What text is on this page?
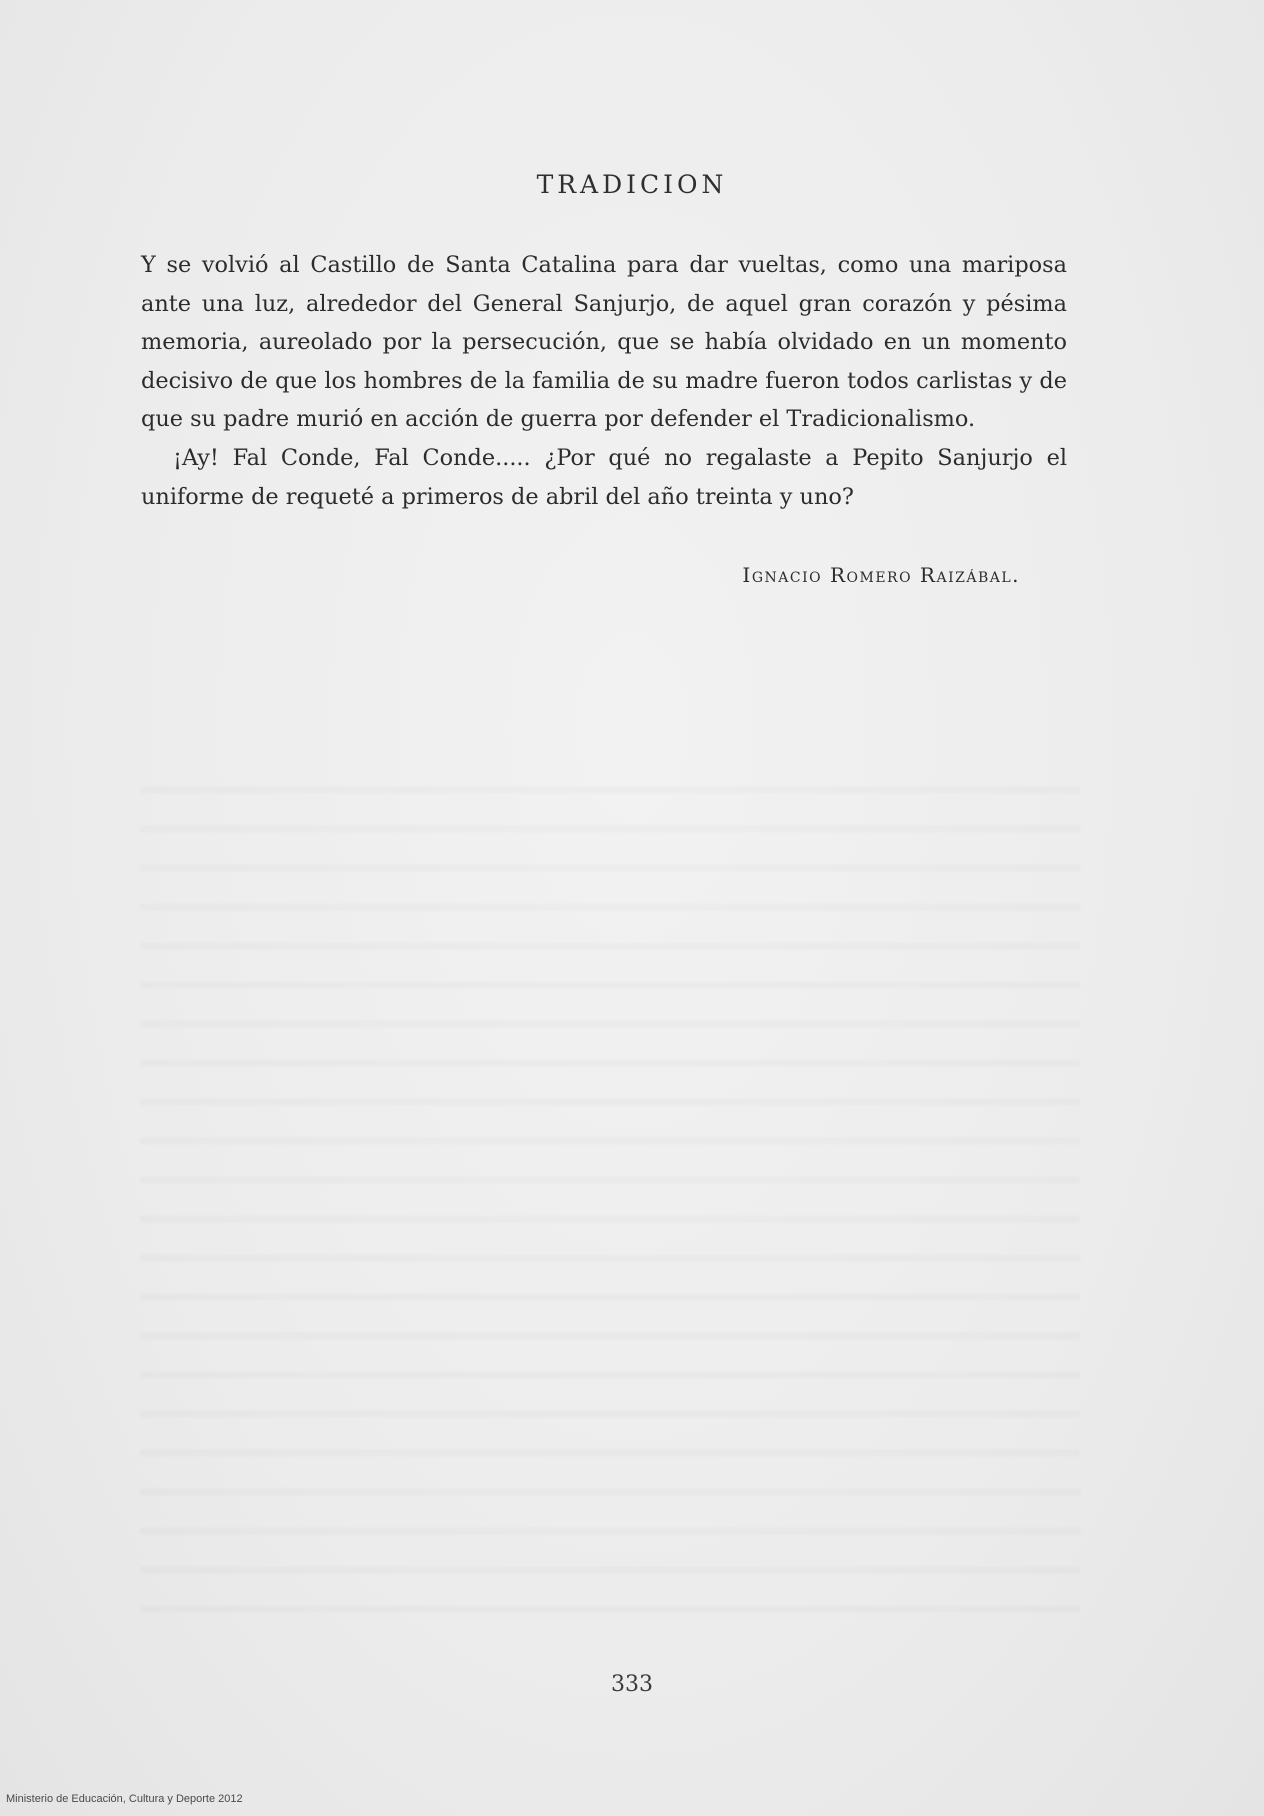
TRADICION

Y se volvió al Castillo de Santa Catalina para dar vueltas, como una mariposa ante una luz, alrededor del General Sanjurjo, de aquel gran corazón y pésima memoria, aureolado por la persecución, que se había olvidado en un momento decisivo de que los hombres de la familia de su madre fueron todos carlistas y de que su padre murió en acción de guerra por defender el Tradicionalismo.

¡Ay! Fal Conde, Fal Conde..... ¿Por qué no regalaste a Pepito Sanjurjo el uniforme de requeté a primeros de abril del año treinta y uno?

Ignacio Romero Raizábal.
333
Ministerio de Educación, Cultura y Deporte 2012
